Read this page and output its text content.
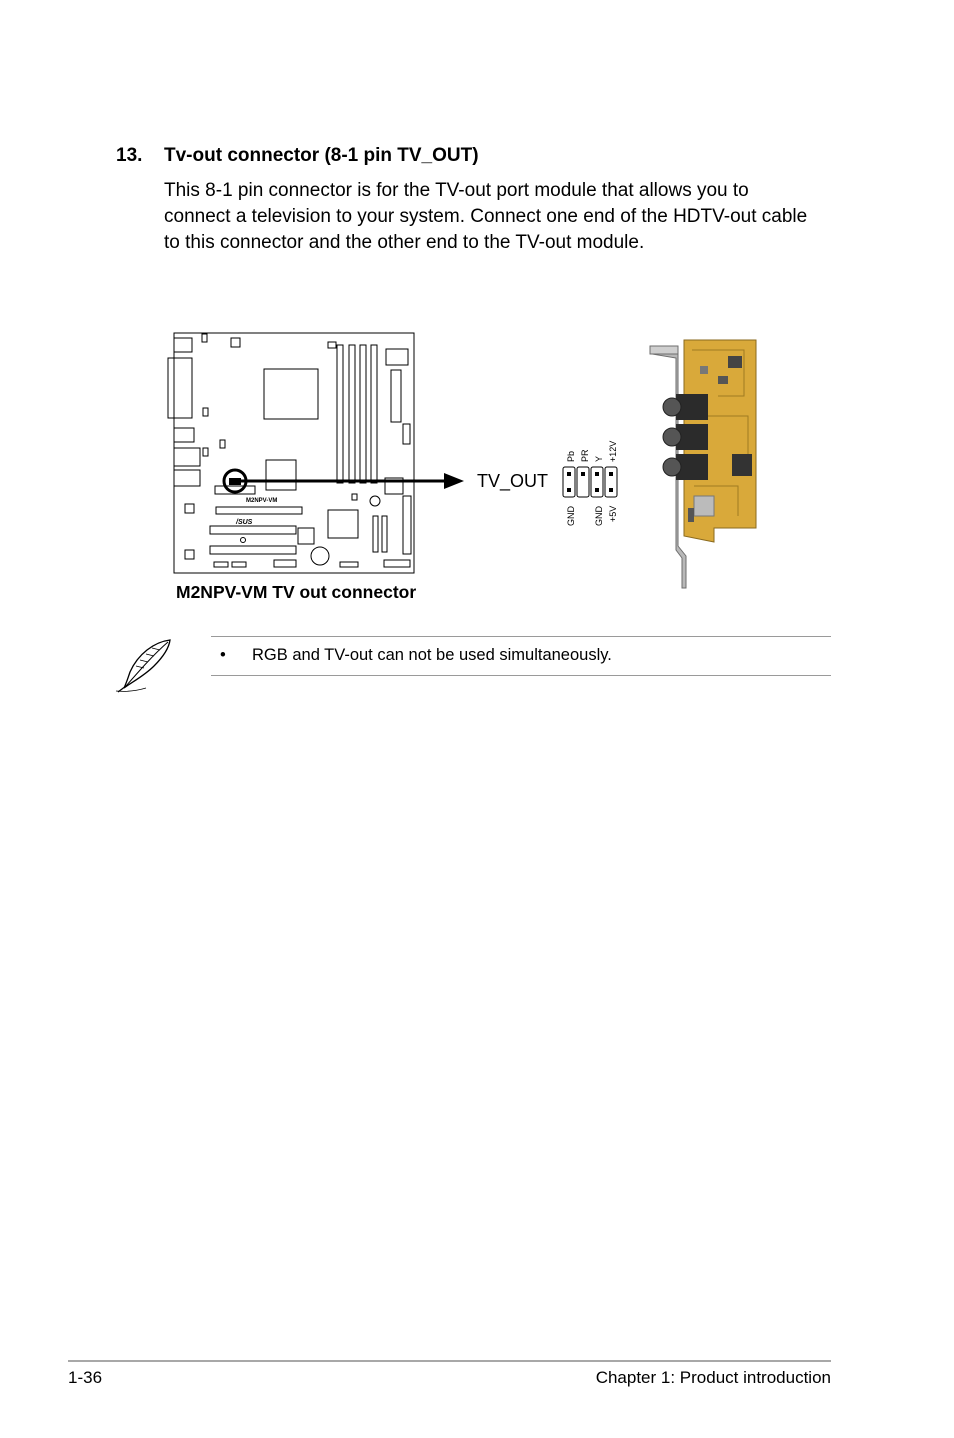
13. Tv-out connector (8-1 pin TV_OUT)
This 8-1 pin connector is for the TV-out port module that allows you to
connect a television to your system. Connect one end of the HDTV-out cable
to this connector and the other end to the TV-out module.
M2NPV-VM
/SUS
TV_OUT
Pb PR Y +12V
GND GND +5V
M2NPV-VM TV out connector
• RGB and TV-out can not be used simultaneously.
1-36	Chapter 1: Product introduction
